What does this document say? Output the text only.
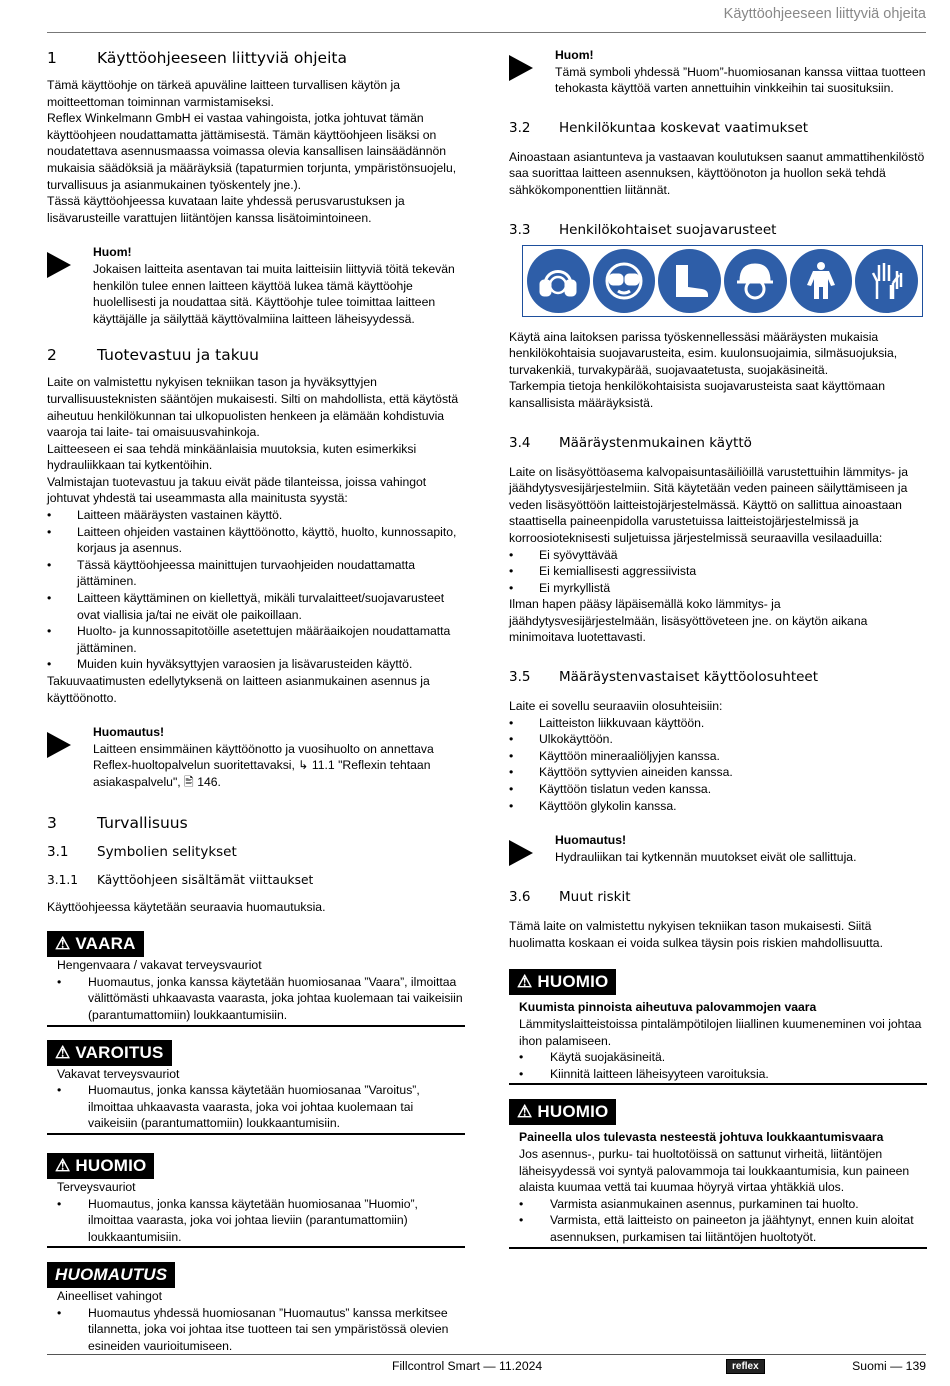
Käyttöohjeeseen liittyviä ohjeita
1	Käyttöohjeeseen liittyviä ohjeita

Tämä käyttöohje on tärkeä apuväline laitteen turvallisen käytön ja moitteettoman toiminnan varmistamiseksi.

Reflex Winkelmann GmbH ei vastaa vahingoista, jotka johtuvat tämän käyttöohjeen noudattamatta jättämisestä. Tämän käyttöohjeen lisäksi on noudatettava asennusmaassa voimassa olevia kansallisen lainsäädännön mukaisia säädöksiä ja määräyksiä (tapaturmien torjunta, ympäristönsuojelu, turvallisuus ja asianmukainen työskentely jne.).

Tässä käyttöohjeessa kuvataan laite yhdessä perusvarustuksen ja lisävarusteille varattujen liitäntöjen kanssa lisätoimintoineen.

Huom!
Jokaisen laitteita asentavan tai muita laitteisiin liittyviä töitä tekevän henkilön tulee ennen laitteen käyttöä lukea tämä käyttöohje huolellisesti ja noudattaa sitä. Käyttöohje tulee toimittaa laitteen käyttäjälle ja säilyttää käyttövalmiina laitteen läheisyydessä.
2	Tuotevastuu ja takuu

Laite on valmistettu nykyisen tekniikan tason ja hyväksyttyjen turvallisuusteknisten sääntöjen mukaisesti. Silti on mahdollista, että käytöstä aiheutuu henkilökunnan tai ulkopuolisten henkeen ja elämään kohdistuvia vaaroja tai laite- tai omaisuusvahinkoja.

Laitteeseen ei saa tehdä minkäänlaisia muutoksia, kuten esimerkiksi hydrauliikkaan tai kytkentöihin.

Valmistajan tuotevastuu ja takuu eivät päde tilanteissa, joissa vahingot johtuvat yhdestä tai useammasta alla mainitusta syystä:

• Laitteen määräysten vastainen käyttö.
• Laitteen ohjeiden vastainen käyttöönotto, käyttö, huolto, kunnossapito, korjaus ja asennus.
• Tässä käyttöohjeessa mainittujen turvaohjeiden noudattamatta jättäminen.
• Laitteen käyttäminen on kiellettyä, mikäli turvalaitteet/suojavarusteet ovat viallisia ja/tai ne eivät ole paikoillaan.
• Huolto- ja kunnossapitotöille asetettujen määräaikojen noudattamatta jättäminen.
• Muiden kuin hyväksyttyjen varaosien ja lisävarusteiden käyttö.

Takuuvaatimusten edellytyksenä on laitteen asianmukainen asennus ja käyttöönotto.

Huomautus!
Laitteen ensimmäinen käyttöönotto ja vuosihuolto on annettava Reflex-huoltopalvelun suoritettavaksi, ↳ 11.1 "Reflexin tehtaan asiakaspalvelu", 🖹 146.
3	Turvallisuus
3.1	Symbolien selitykset
3.1.1	Käyttöohjeen sisältämät viittaukset

Käyttöohjeessa käytetään seuraavia huomautuksia.

⚠ VAARA

Hengenvaara / vakavat terveysvauriot

• Huomautus, jonka kanssa käytetään huomiosanaa ”Vaara”, ilmoittaa välittömästi uhkaavasta vaarasta, joka johtaa kuolemaan tai vaikeisiin (parantumattomiin) loukkaantumisiin.
⚠ VAROITUS

Vakavat terveysvauriot

• Huomautus, jonka kanssa käytetään huomiosanaa ”Varoitus”, ilmoittaa uhkaavasta vaarasta, joka voi johtaa kuolemaan tai vaikeisiin (parantumattomiin) loukkaantumisiin.
⚠ HUOMIO

Terveysvauriot

• Huomautus, jonka kanssa käytetään huomiosanaa ”Huomio”, ilmoittaa vaarasta, joka voi johtaa lieviin (parantumattomiin) loukkaantumisiin.
HUOMAUTUS

Aineelliset vahingot

• Huomautus yhdessä huomiosanan ”Huomautus” kanssa merkitsee tilannetta, joka voi johtaa itse tuotteen tai sen ympäristössä olevien esineiden vaurioitumiseen.
Huom!
Tämä symboli yhdessä ”Huom”-huomiosanan kanssa viittaa tuotteen tehokasta käyttöä varten annettuihin vinkkeihin tai suosituksiin.
3.2	Henkilökuntaa koskevat vaatimukset

Ainoastaan asiantunteva ja vastaavan koulutuksen saanut ammattihenkilöstö saa suorittaa laitteen asennuksen, käyttöönoton ja huollon sekä tehdä sähkökomponenttien liitännät.

3.3	Henkilökohtaiset suojavarusteet

Käytä aina laitoksen parissa työskennellessäsi määräysten mukaisia henkilökohtaisia suojavarusteita, esim. kuulonsuojaimia, silmäsuojuksia, turvakenkiä, turvakypärää, suojavaatetusta, suojakäsineitä.

Tarkempia tietoja henkilökohtaisista suojavarusteista saat käyttömaan kansallisista määräyksistä.

3.4	Määräystenmukainen käyttö

Laite on lisäsyöttöasema kalvopaisuntasäiliöillä varustettuihin lämmitys- ja jäähdytysvesijärjestelmiin. Sitä käytetään veden paineen säilyttämiseen ja veden lisäsyöttöön laitteistojärjestelmässä. Käyttö on sallittua ainoastaan staattisella paineenpidolla varustetuissa laitteistojärjestelmissä ja korroosioteknisesti suljetuissa järjestelmissä seuraavilla vesilaaduilla:

• Ei syövyttävää
• Ei kemiallisesti aggressiivista
• Ei myrkyllistä

Ilman hapen pääsy läpäisemällä koko lämmitys- ja jäähdytysvesijärjestelmään, lisäsyöttöveteen jne. on käytön aikana minimoitava luotettavasti.

3.5	Määräystenvastaiset käyttöolosuhteet

Laite ei sovellu seuraaviin olosuhteisiin:

• Laitteiston liikkuvaan käyttöön.
• Ulkokäyttöön.
• Käyttöön mineraaliöljyjen kanssa.
• Käyttöön syttyvien aineiden kanssa.
• Käyttöön tislatun veden kanssa.
• Käyttöön glykolin kanssa.
Huomautus!
Hydrauliikan tai kytkennän muutokset eivät ole sallittuja.
3.6	Muut riskit

Tämä laite on valmistettu nykyisen tekniikan tason mukaisesti. Siitä huolimatta koskaan ei voida sulkea täysin pois riskien mahdollisuutta.

⚠ HUOMIO
Kuumista pinnoista aiheutuva palovammojen vaara

Lämmityslaitteistoissa pintalämpötilojen liiallinen kuumeneminen voi johtaa ihon palamiseen.

• Käytä suojakäsineitä.
• Kiinnitä laitteen läheisyyteen varoituksia.
⚠ HUOMIO
Paineella ulos tulevasta nesteestä johtuva loukkaantumisvaara

Jos asennus-, purku- tai huoltotöissä on sattunut virheitä, liitäntöjen läheisyydessä voi syntyä palovammoja tai loukkaantumisia, kun paineen alaista kuumaa vettä tai kuumaa höyryä virtaa yhtäkkiä ulos.

• Varmista asianmukainen asennus, purkaminen tai huolto.
• Varmista, että laitteisto on paineeton ja jäähtynyt, ennen kuin aloitat asennuksen, purkamisen tai liitäntöjen huoltotyöt.
Fillcontrol Smart — 11.2024	reflex	Suomi — 139
